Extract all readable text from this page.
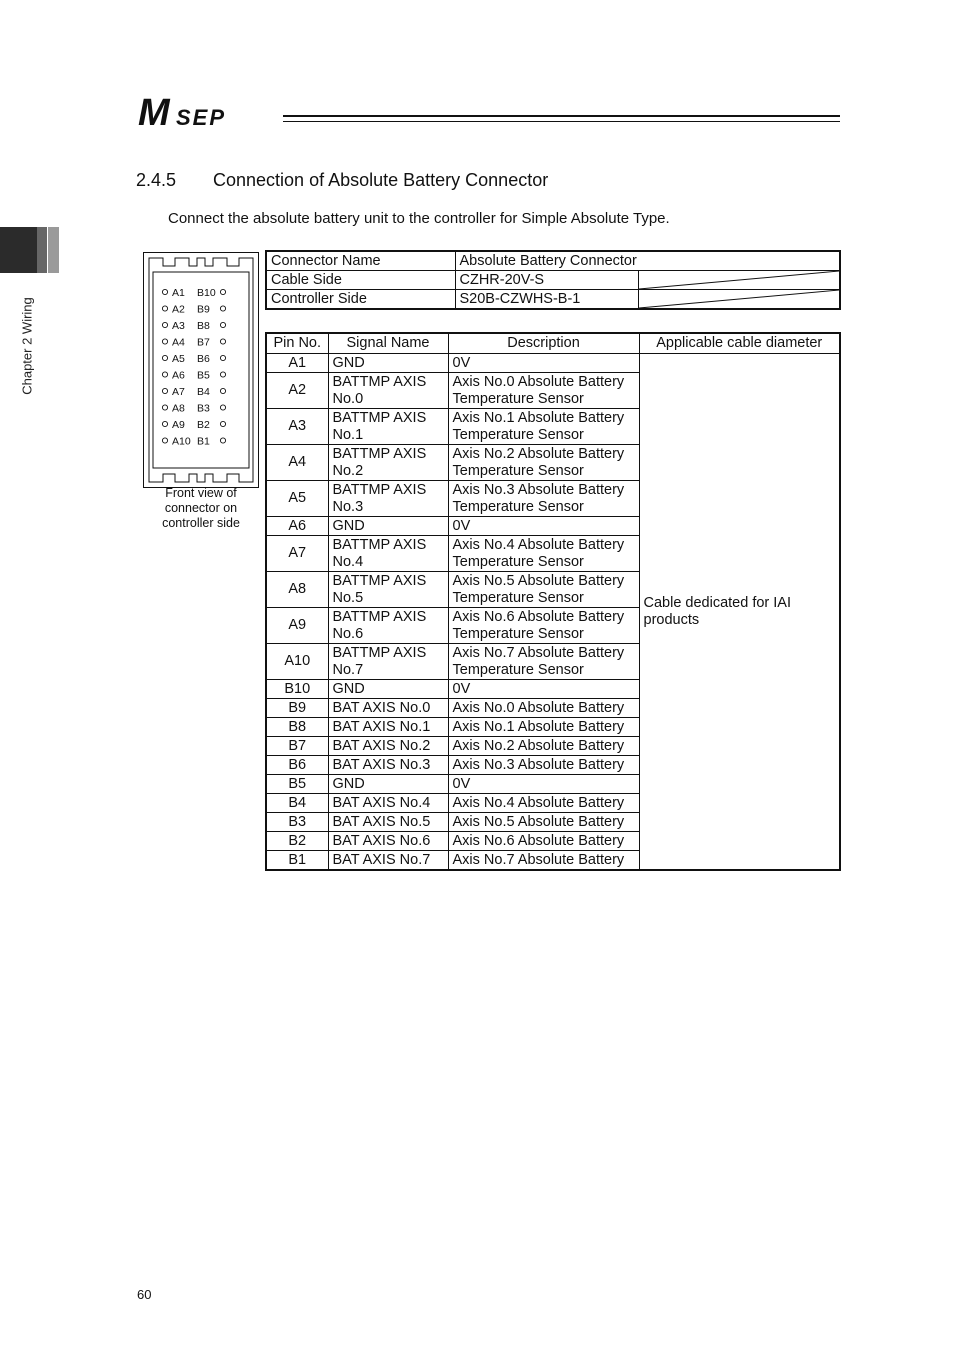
M SEP
Chapter 2 Wiring
2.4.5 Connection of Absolute Battery Connector
Connect the absolute battery unit to the controller for Simple Absolute Type.
A1 B10
A2 B9
A3 B8
A4 B7
A5 B6
A6 B5
A7 B4
A8 B3
A9 B2
A10 B1
Front view of connector on controller side
Connector Name	Absolute Battery Connector	
Cable Side	CZHR-20V-S	

Controller Side	S20B-CZWHS-B-1	
Pin No.	Signal Name	Description	Applicable cable diameter
A1	GND	0V	Cable dedicated for IAI products
A2	BATTMP AXIS No.0	Axis No.0 Absolute Battery Temperature Sensor	
A3	BATTMP AXIS No.1	Axis No.1 Absolute Battery Temperature Sensor	
A4	BATTMP AXIS No.2	Axis No.2 Absolute Battery Temperature Sensor	
A5	BATTMP AXIS No.3	Axis No.3 Absolute Battery Temperature Sensor	
A6	GND	0V	
A7	BATTMP AXIS No.4	Axis No.4 Absolute Battery Temperature Sensor	
A8	BATTMP AXIS No.5	Axis No.5 Absolute Battery Temperature Sensor	
A9	BATTMP AXIS No.6	Axis No.6 Absolute Battery Temperature Sensor	
A10	BATTMP AXIS No.7	Axis No.7 Absolute Battery Temperature Sensor	
B10	GND	0V	
B9	BAT AXIS No.0	Axis No.0 Absolute Battery	
B8	BAT AXIS No.1	Axis No.1 Absolute Battery	
B7	BAT AXIS No.2	Axis No.2 Absolute Battery	
B6	BAT AXIS No.3	Axis No.3 Absolute Battery	
B5	GND	0V	
B4	BAT AXIS No.4	Axis No.4 Absolute Battery	
B3	BAT AXIS No.5	Axis No.5 Absolute Battery	
B2	BAT AXIS No.6	Axis No.6 Absolute Battery	
B1	BAT AXIS No.7	Axis No.7 Absolute Battery	
60
